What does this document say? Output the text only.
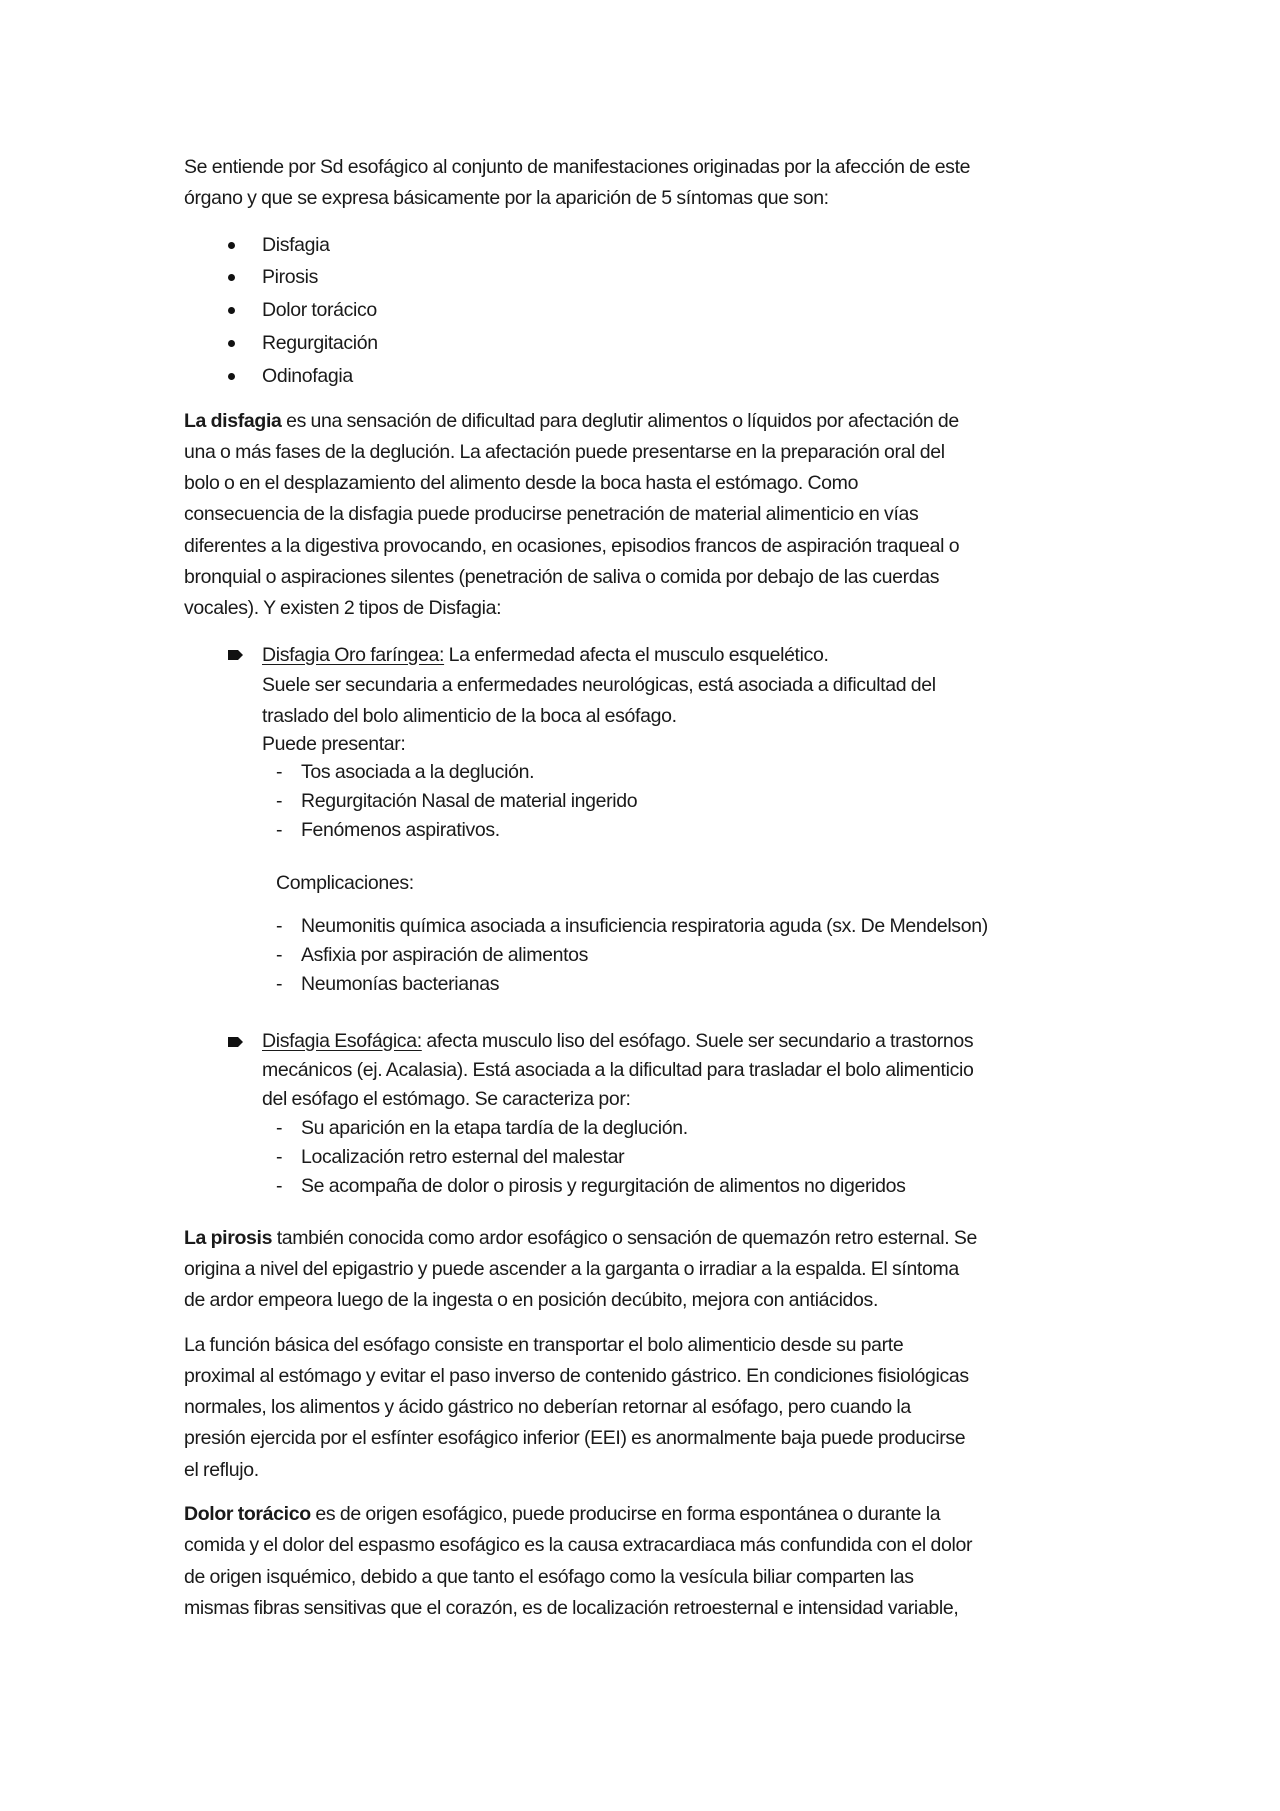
Se entiende por Sd esofágico al conjunto de manifestaciones originadas por la afección de este

órgano y que se expresa básicamente por la aparición de 5 síntomas que son:

Disfagia
Pirosis
Dolor torácico
Regurgitación
Odinofagia

La disfagia es una sensación de dificultad para deglutir alimentos o líquidos por afectación de

una o más fases de la deglución. La afectación puede presentarse en la preparación oral del

bolo o en el desplazamiento del alimento desde la boca hasta el estómago. Como

consecuencia de la disfagia puede producirse penetración de material alimenticio en vías

diferentes a la digestiva provocando, en ocasiones, episodios francos de aspiración traqueal o

bronquial o aspiraciones silentes (penetración de saliva o comida por debajo de las cuerdas

vocales). Y existen 2 tipos de Disfagia:

Disfagia Oro faríngea: La enfermedad afecta el musculo esquelético.

Suele ser secundaria a enfermedades neurológicas, está asociada a dificultad del

traslado del bolo alimenticio de la boca al esófago.

Puede presentar:

- Tos asociada a la deglución.
- Regurgitación Nasal de material ingerido
- Fenómenos aspirativos.

Complicaciones:

- Neumonitis química asociada a insuficiencia respiratoria aguda (sx. De Mendelson)
- Asfixia por aspiración de alimentos
- Neumonías bacterianas

Disfagia Esofágica: afecta musculo liso del esófago. Suele ser secundario a trastornos

mecánicos (ej. Acalasia). Está asociada a la dificultad para trasladar el bolo alimenticio

del esófago el estómago. Se caracteriza por:

- Su aparición en la etapa tardía de la deglución.
- Localización retro esternal del malestar
- Se acompaña de dolor o pirosis y regurgitación de alimentos no digeridos

La pirosis también conocida como ardor esofágico o sensación de quemazón retro esternal. Se

origina a nivel del epigastrio y puede ascender a la garganta o irradiar a la espalda. El síntoma

de ardor empeora luego de la ingesta o en posición decúbito, mejora con antiácidos.

La función básica del esófago consiste en transportar el bolo alimenticio desde su parte

proximal al estómago y evitar el paso inverso de contenido gástrico. En condiciones fisiológicas

normales, los alimentos y ácido gástrico no deberían retornar al esófago, pero cuando la

presión ejercida por el esfínter esofágico inferior (EEI) es anormalmente baja puede producirse

el reflujo.

Dolor torácico es de origen esofágico, puede producirse en forma espontánea o durante la

comida y el dolor del espasmo esofágico es la causa extracardiaca más confundida con el dolor

de origen isquémico, debido a que tanto el esófago como la vesícula biliar comparten las

mismas fibras sensitivas que el corazón, es de localización retroesternal e intensidad variable,
